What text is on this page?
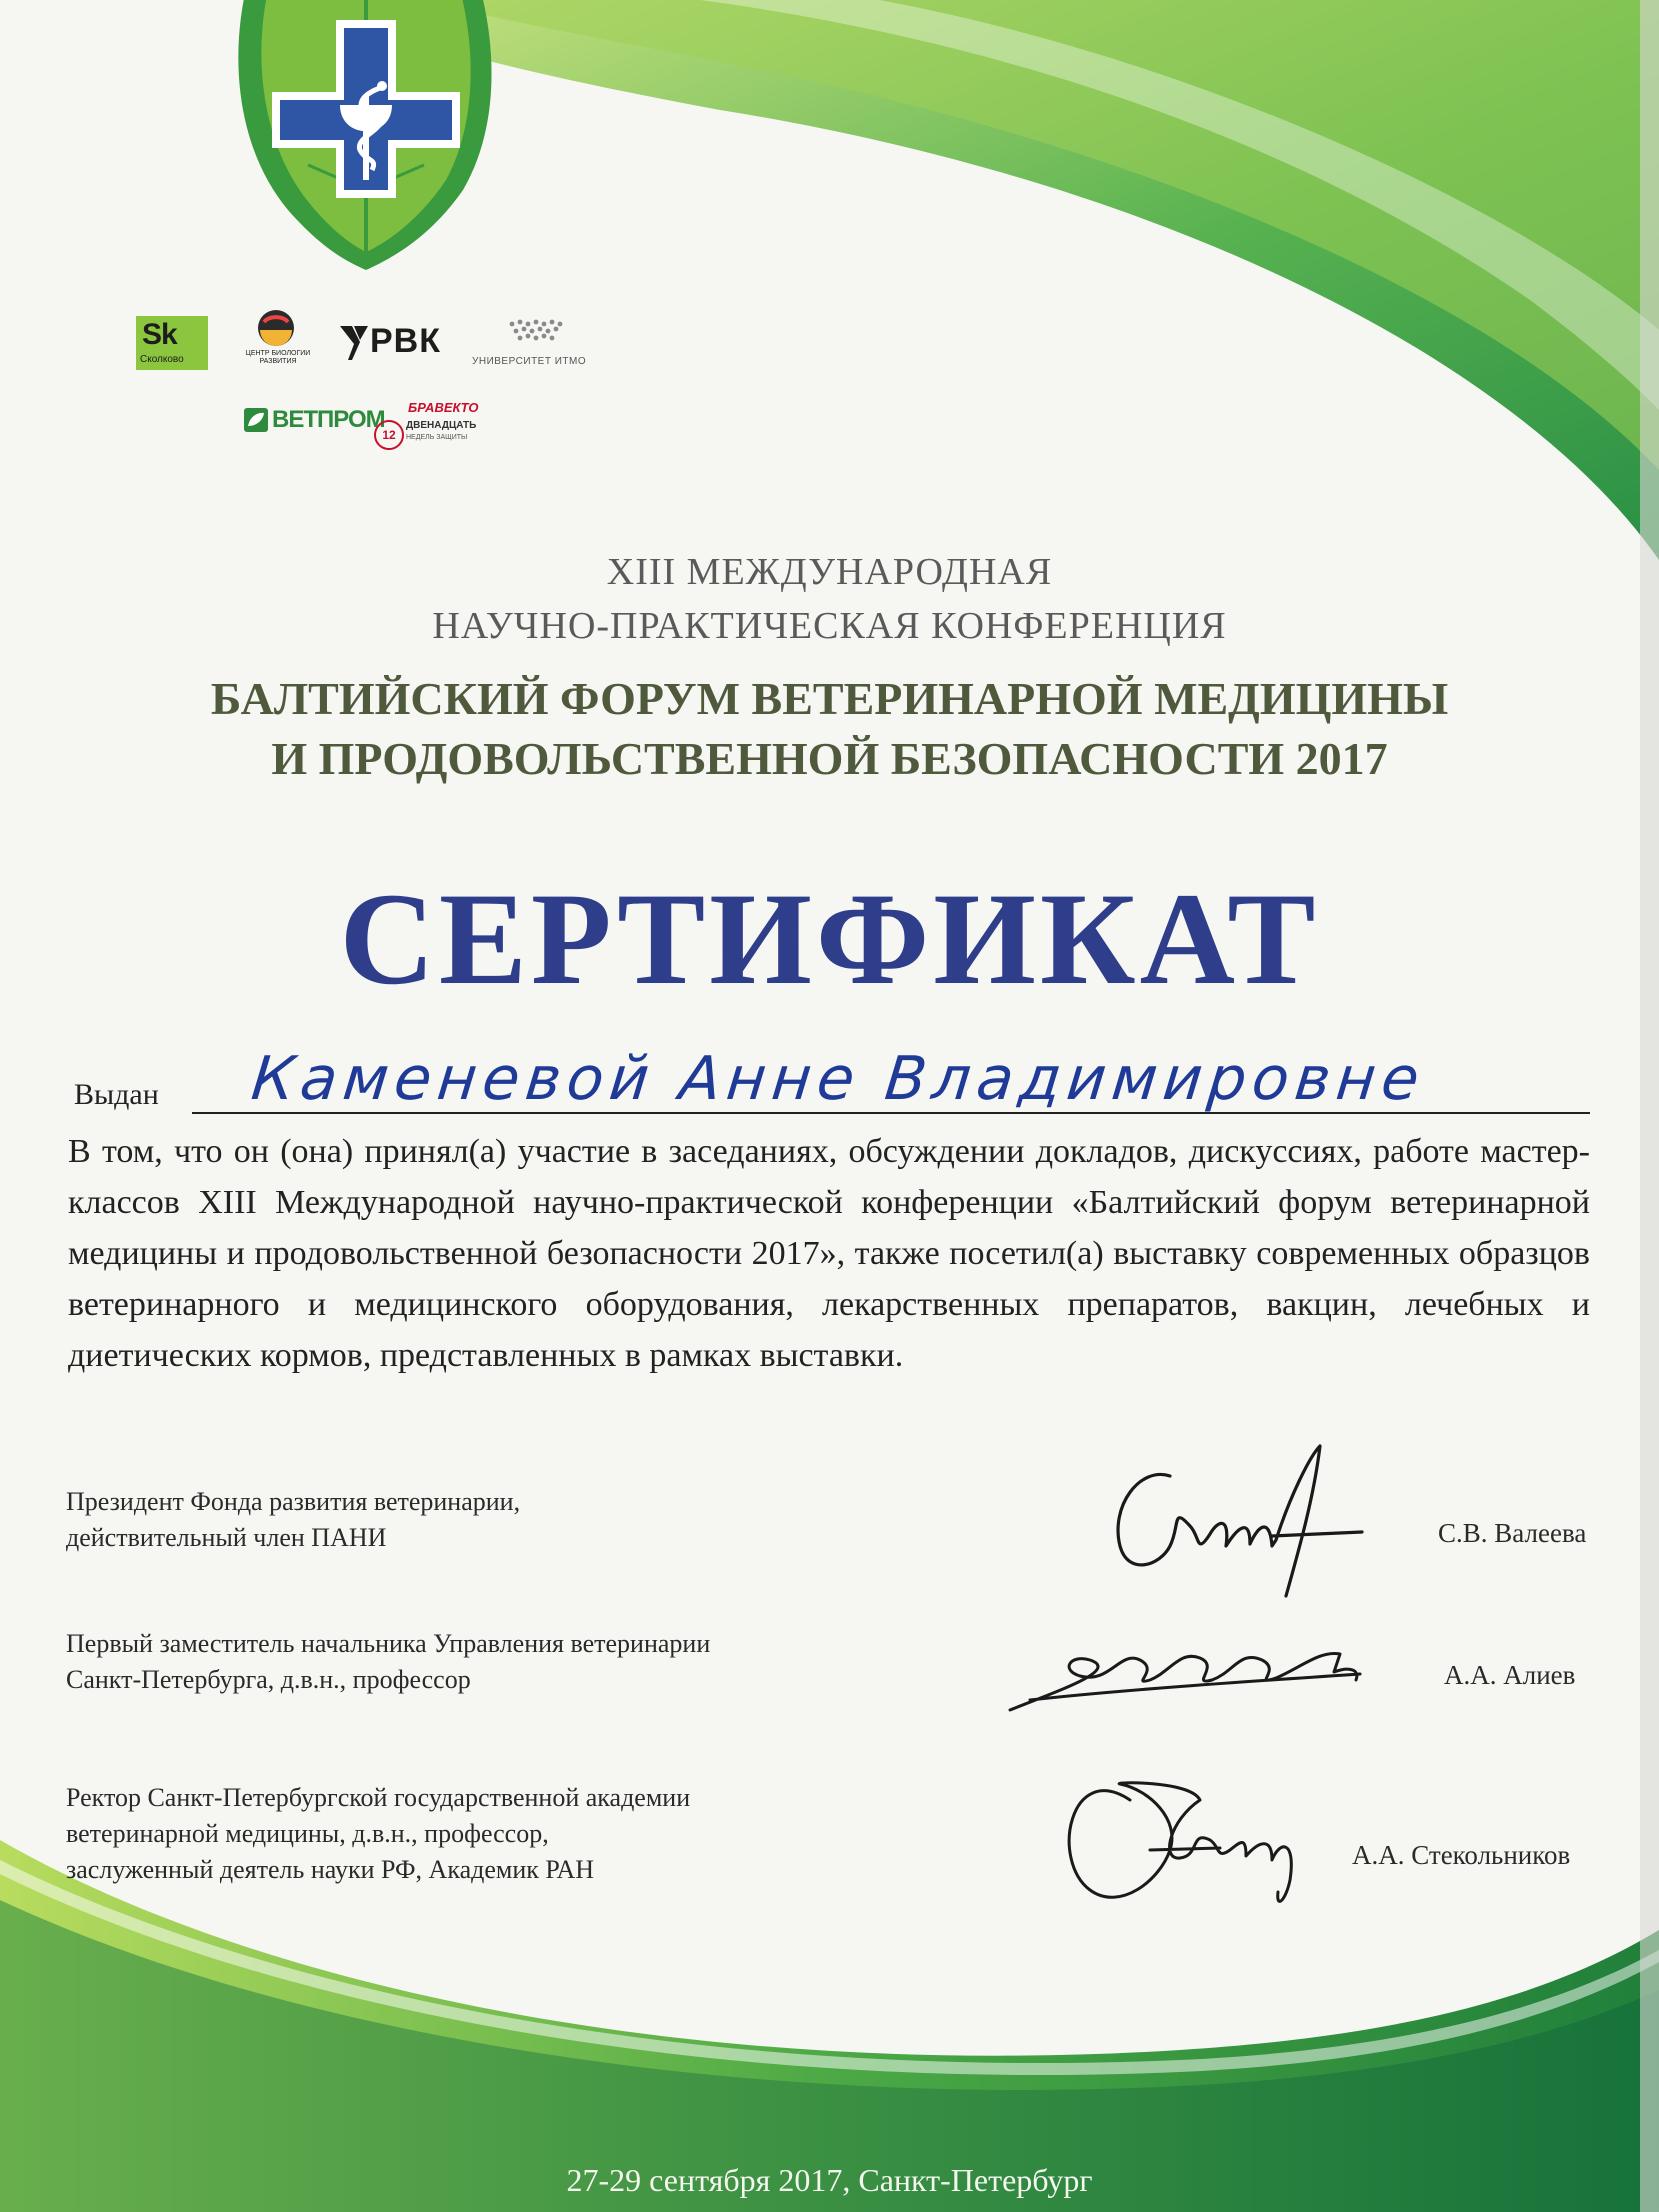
Sk
Сколково
ЦЕНТР БИОЛОГИИ РАЗВИТИЯ
РВК
УНИВЕРСИТЕТ ИТМО
ВЕТПРОМ БРАВЕКТО
12
ДВЕНАДЦАТЬ
НЕДЕЛЬ ЗАЩИТЫ
XIII МЕЖДУНАРОДНАЯ
НАУЧНО-ПРАКТИЧЕСКАЯ КОНФЕРЕНЦИЯ
БАЛТИЙСКИЙ ФОРУМ ВЕТЕРИНАРНОЙ МЕДИЦИНЫ
И ПРОДОВОЛЬСТВЕННОЙ БЕЗОПАСНОСТИ 2017
СЕРТИФИКАТ
Выдан Каменевой Анне Владимировне
В том, что он (она) принял(а) участие в заседаниях, обсуждении докладов, дискуссиях, работе мастер-классов XIII Международной научно-практической конференции «Балтийский форум ветеринарной медицины и продовольственной безопасности 2017», также посетил(а) выставку современных образцов ветеринарного и медицинского оборудования, лекарственных препаратов, вакцин, лечебных и диетических кормов, представленных в рамках выставки.
Президент Фонда развития ветеринарии,
действительный член ПАНИ	С.В. Валеева
Первый заместитель начальника Управления ветеринарии
Санкт-Петербурга, д.в.н., профессор	А.А. Алиев
Ректор Санкт-Петербургской государственной академии
ветеринарной медицины, д.в.н., профессор,
заслуженный деятель науки РФ, Академик РАН	А.А. Стекольников
27-29 сентября 2017, Санкт-Петербург
